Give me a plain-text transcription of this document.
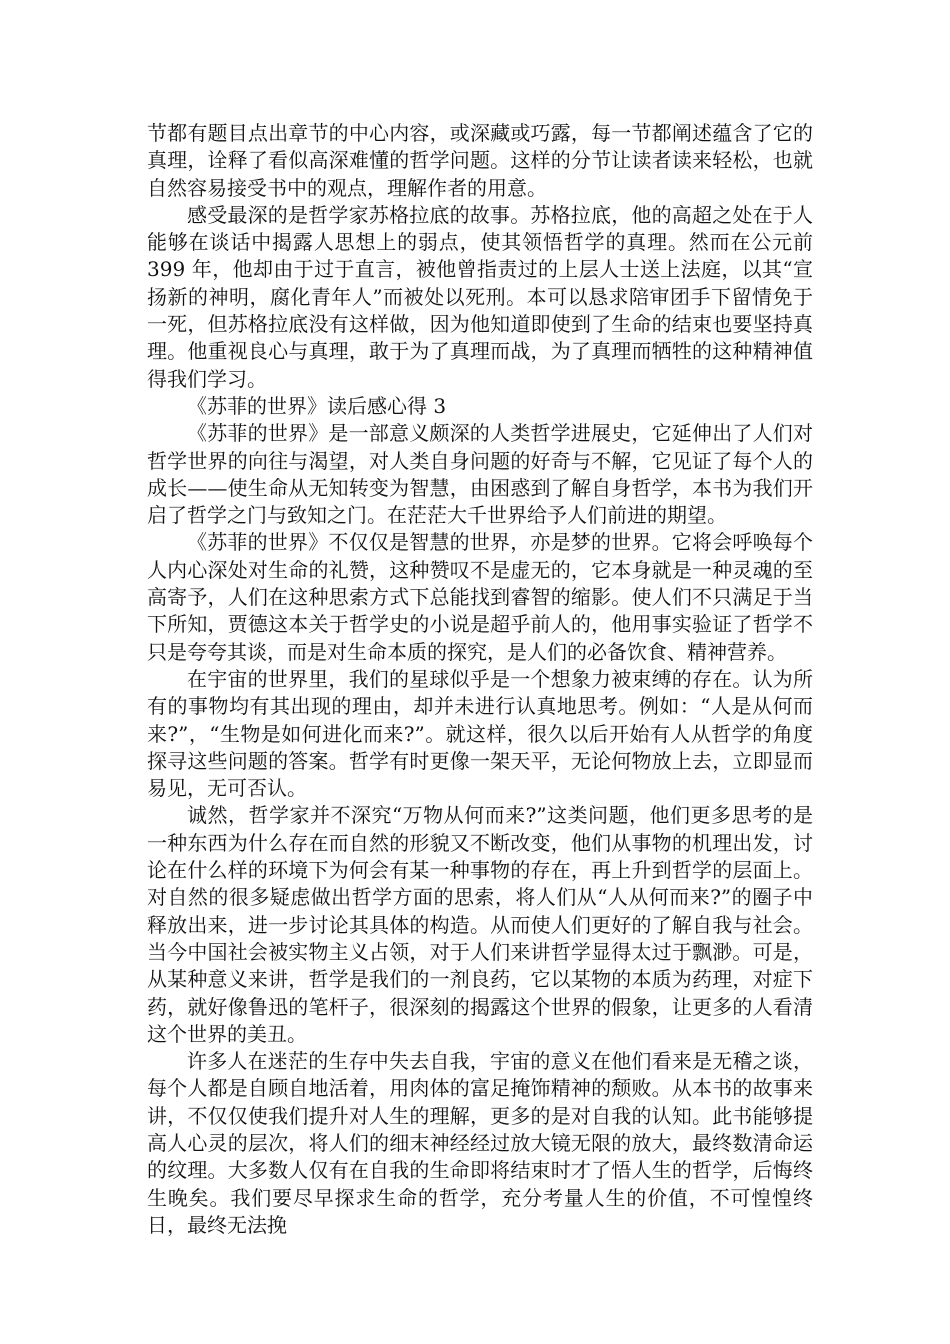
节都有题目点出章节的中心内容，或深藏或巧露，每一节都阐述蕴含了它的真理，诠释了看似高深难懂的哲学问题。这样的分节让读者读来轻松，也就自然容易接受书中的观点，理解作者的用意。

感受最深的是哲学家苏格拉底的故事。苏格拉底，他的高超之处在于人能够在谈话中揭露人思想上的弱点，使其领悟哲学的真理。然而在公元前 399 年，他却由于过于直言，被他曾指责过的上层人士送上法庭，以其“宣扬新的神明，腐化青年人”而被处以死刑。本可以恳求陪审团手下留情免于一死，但苏格拉底没有这样做，因为他知道即使到了生命的结束也要坚持真理。他重视良心与真理，敢于为了真理而战，为了真理而牺牲的这种精神值得我们学习。

《苏菲的世界》读后感心得 3

《苏菲的世界》是一部意义颇深的人类哲学进展史，它延伸出了人们对哲学世界的向往与渴望，对人类自身问题的好奇与不解，它见证了每个人的成长——使生命从无知转变为智慧，由困惑到了解自身哲学，本书为我们开启了哲学之门与致知之门。在茫茫大千世界给予人们前进的期望。

《苏菲的世界》不仅仅是智慧的世界，亦是梦的世界。它将会呼唤每个人内心深处对生命的礼赞，这种赞叹不是虚无的，它本身就是一种灵魂的至高寄予，人们在这种思索方式下总能找到睿智的缩影。使人们不只满足于当下所知，贾德这本关于哲学史的小说是超乎前人的，他用事实验证了哲学不只是夸夸其谈，而是对生命本质的探究，是人们的必备饮食、精神营养。

在宇宙的世界里，我们的星球似乎是一个想象力被束缚的存在。认为所有的事物均有其出现的理由，却并未进行认真地思考。例如：“人是从何而来?”，“生物是如何进化而来?”。就这样，很久以后开始有人从哲学的角度探寻这些问题的答案。哲学有时更像一架天平，无论何物放上去，立即显而易见，无可否认。

诚然，哲学家并不深究“万物从何而来?”这类问题，他们更多思考的是一种东西为什么存在而自然的形貌又不断改变，他们从事物的机理出发，讨论在什么样的环境下为何会有某一种事物的存在，再上升到哲学的层面上。对自然的很多疑虑做出哲学方面的思索，将人们从“人从何而来?”的圈子中释放出来，进一步讨论其具体的构造。从而使人们更好的了解自我与社会。当今中国社会被实物主义占领，对于人们来讲哲学显得太过于飘渺。可是，从某种意义来讲，哲学是我们的一剂良药，它以某物的本质为药理，对症下药，就好像鲁迅的笔杆子，很深刻的揭露这个世界的假象，让更多的人看清这个世界的美丑。

许多人在迷茫的生存中失去自我，宇宙的意义在他们看来是无稽之谈，每个人都是自顾自地活着，用肉体的富足掩饰精神的颓败。从本书的故事来讲，不仅仅使我们提升对人生的理解，更多的是对自我的认知。此书能够提高人心灵的层次，将人们的细末神经经过放大镜无限的放大，最终数清命运的纹理。大多数人仅有在自我的生命即将结束时才了悟人生的哲学，后悔终生晚矣。我们要尽早探求生命的哲学，充分考量人生的价值，不可惶惶终日，最终无法挽
